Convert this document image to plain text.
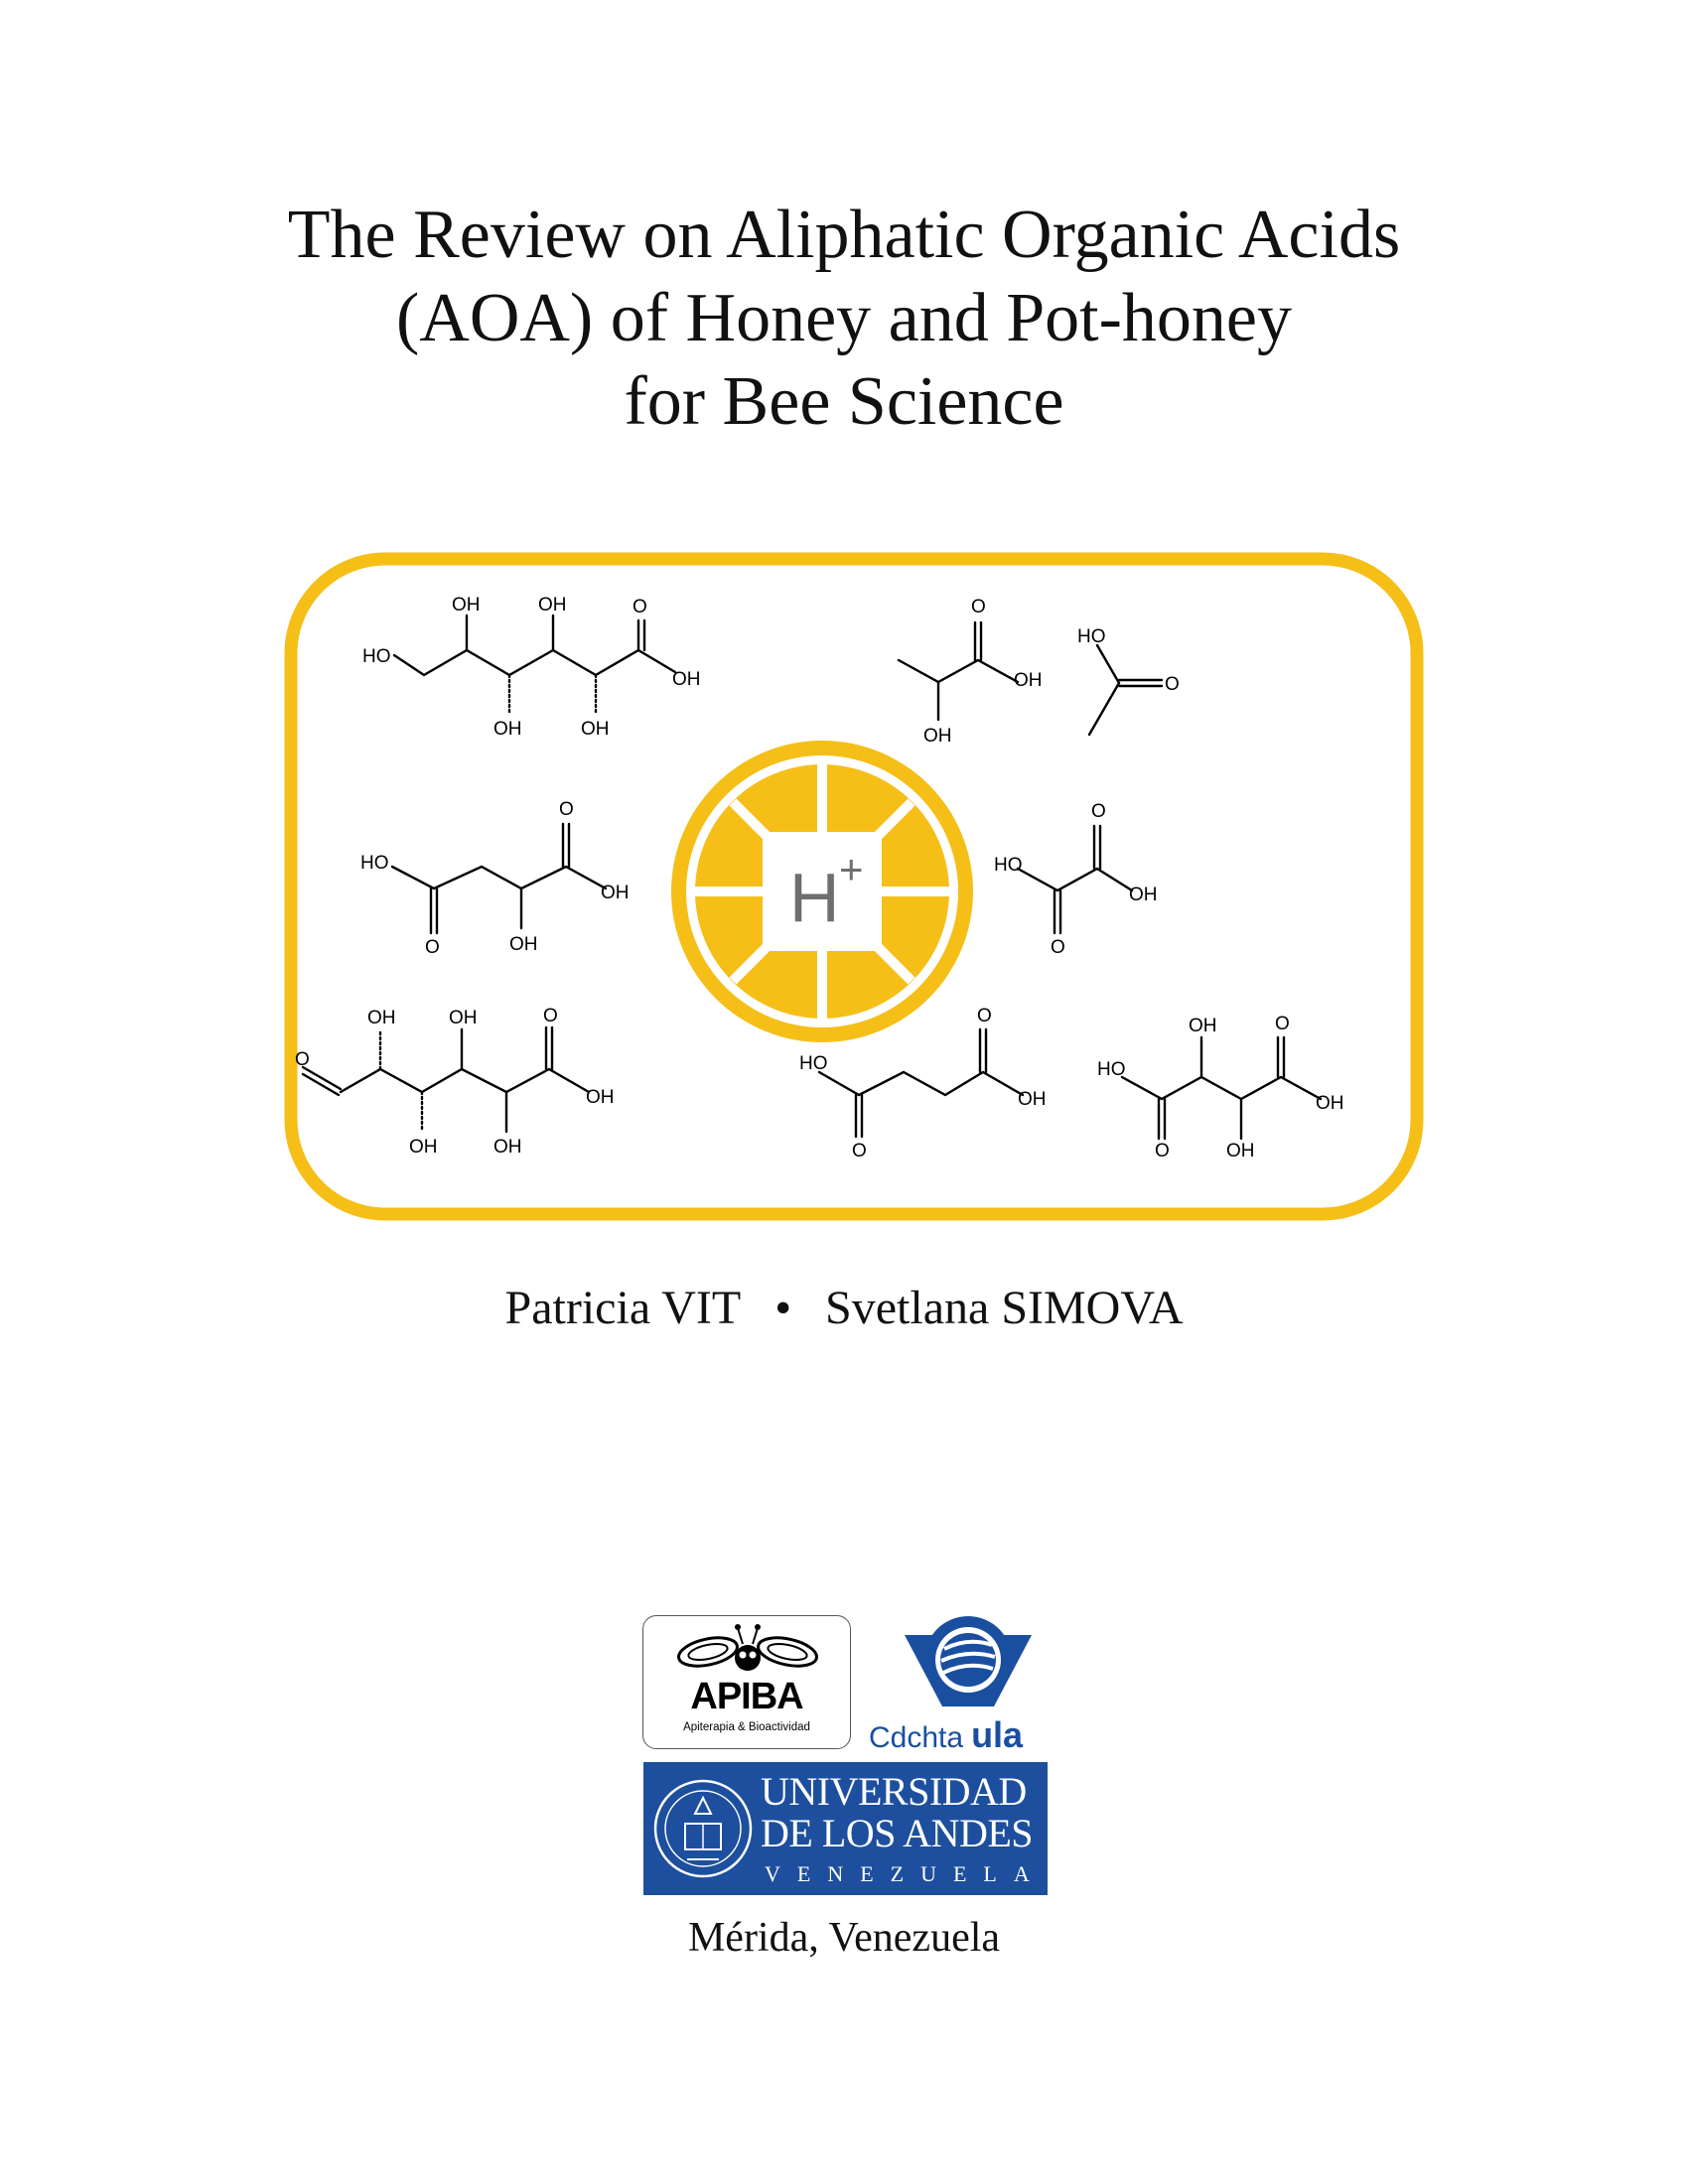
The Review on Aliphatic Organic Acids
(AOA) of Honey and Pot-honey
for Bee Science
HO
OH	OH
OH	OH
O
OH
O
OH
OH
HO
O
HO
O
OH
O	OH
HO
O
OH
O
O
OH	OH	O
OH
OH	OH
HO
O
OH
O
HO
OH	O
OH
O	OH
H +
Patricia VIT • Svetlana SIMOVA
APIBA
Apiterapia & Bioactividad	Cdchta ula
UNIVERSIDAD
DE LOS ANDES
VENEZUELA
Mérida, Venezuela
